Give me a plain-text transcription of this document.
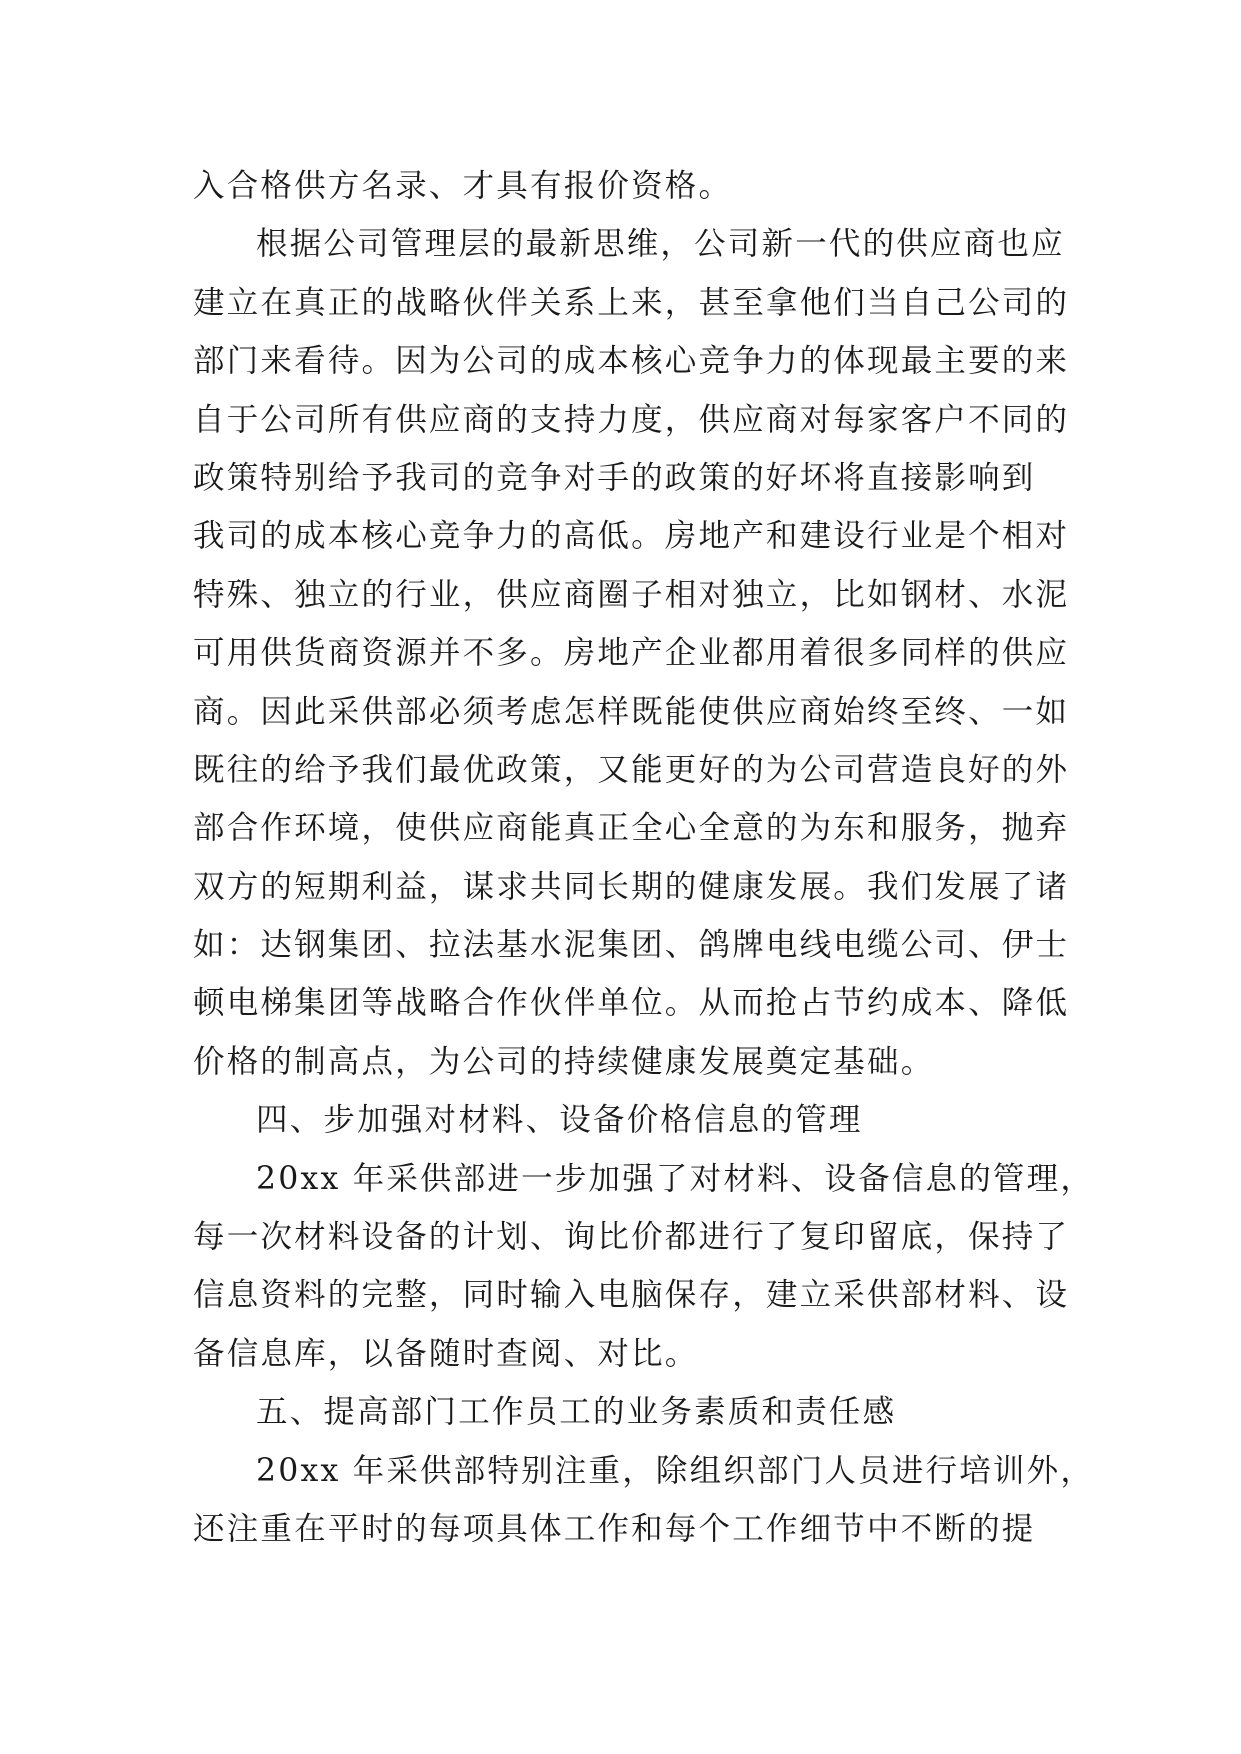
入合格供方名录、才具有报价资格。
根据公司管理层的最新思维，公司新一代的供应商也应
建立在真正的战略伙伴关系上来，甚至拿他们当自己公司的
部门来看待。因为公司的成本核心竞争力的体现最主要的来
自于公司所有供应商的支持力度，供应商对每家客户不同的
政策特别给予我司的竞争对手的政策的好坏将直接影响到
我司的成本核心竞争力的高低。房地产和建设行业是个相对
特殊、独立的行业，供应商圈子相对独立，比如钢材、水泥
可用供货商资源并不多。房地产企业都用着很多同样的供应
商。因此采供部必须考虑怎样既能使供应商始终至终、一如
既往的给予我们最优政策，又能更好的为公司营造良好的外
部合作环境，使供应商能真正全心全意的为东和服务，抛弃
双方的短期利益，谋求共同长期的健康发展。我们发展了诸
如：达钢集团、拉法基水泥集团、鸽牌电线电缆公司、伊士
顿电梯集团等战略合作伙伴单位。从而抢占节约成本、降低
价格的制高点，为公司的持续健康发展奠定基础。
四、步加强对材料、设备价格信息的管理
20xx 年采供部进一步加强了对材料、设备信息的管理，
每一次材料设备的计划、询比价都进行了复印留底，保持了
信息资料的完整，同时输入电脑保存，建立采供部材料、设
备信息库，以备随时查阅、对比。
五、提高部门工作员工的业务素质和责任感
20xx 年采供部特别注重，除组织部门人员进行培训外，
还注重在平时的每项具体工作和每个工作细节中不断的提
